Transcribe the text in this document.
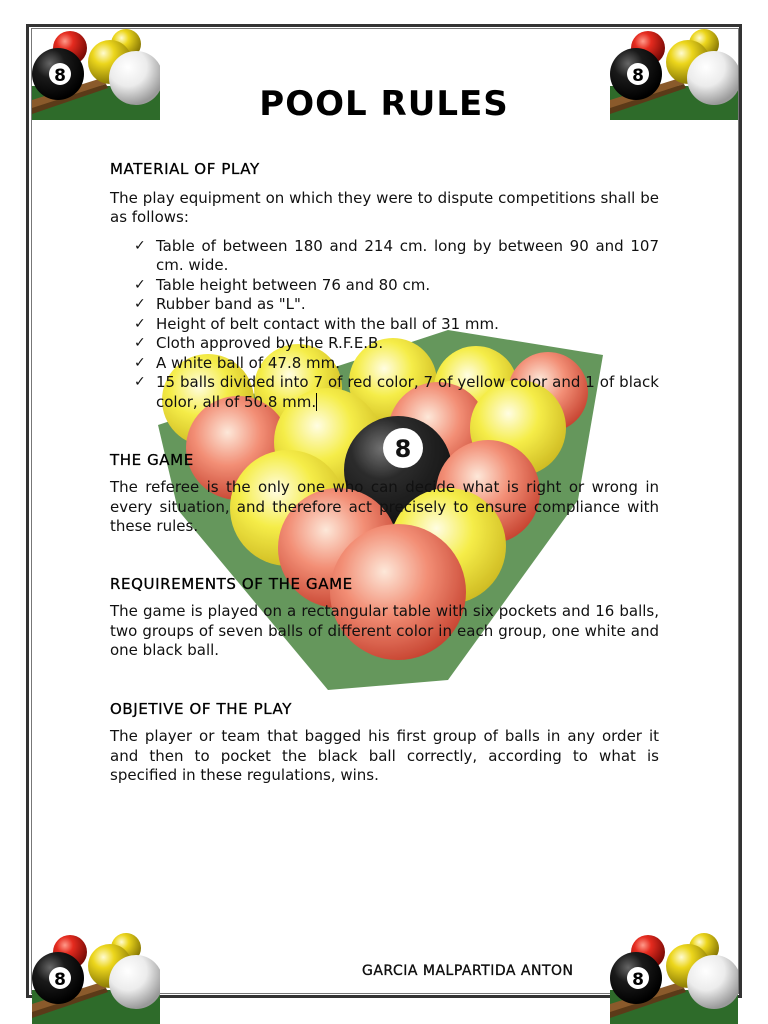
8	8
8	8
8
POOL RULES
MATERIAL OF PLAY

The play equipment on which they were to dispute competitions shall be as follows:

✓ Table of between 180 and 214 cm. long by between 90 and 107 cm. wide.
✓ Table height between 76 and 80 cm.
✓ Rubber band as "L".
✓ Height of belt contact with the ball of 31 mm.
✓ Cloth approved by the R.F.E.B.
✓ A white ball of 47.8 mm.
✓ 15 balls divided into 7 of red color, 7 of yellow color and 1 of black color, all of 50.8 mm.
THE GAME

The referee is the only one who can decide what is right or wrong in every situation, and therefore act precisely to ensure compliance with these rules.

REQUIREMENTS OF THE GAME

The game is played on a rectangular table with six pockets and 16 balls, two groups of seven balls of different color in each group, one white and one black ball.

OBJETIVE OF THE PLAY

The player or team that bagged his first group of balls in any order it and then to pocket the black ball correctly, according to what is specified in these regulations, wins.

GARCIA MALPARTIDA ANTON
